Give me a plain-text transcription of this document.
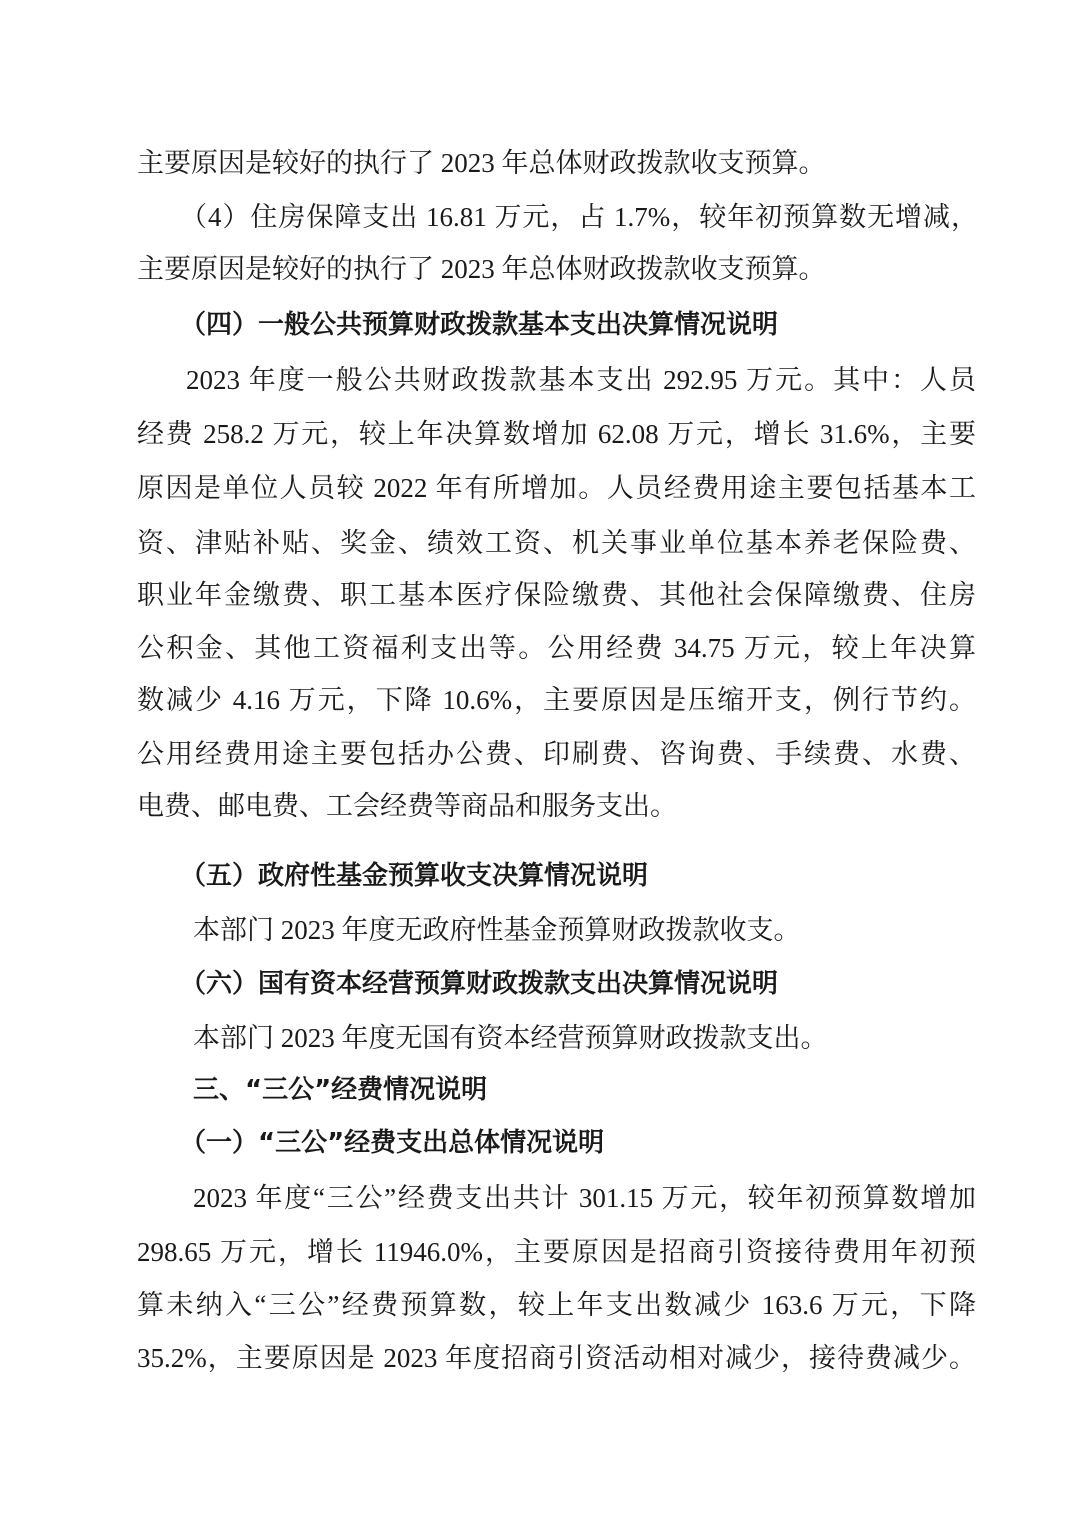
主要原因是较好的执行了 2023 年总体财政拨款收支预算。
（4）住房保障支出 16.81 万元，占 1.7%，较年初预算数无增减，
主要原因是较好的执行了 2023 年总体财政拨款收支预算。
（四）一般公共预算财政拨款基本支出决算情况说明
2023 年度一般公共财政拨款基本支出 292.95 万元。其中：人员
经费 258.2 万元，较上年决算数增加 62.08 万元，增长 31.6%，主要
原因是单位人员较 2022 年有所增加。人员经费用途主要包括基本工
资、津贴补贴、奖金、绩效工资、机关事业单位基本养老保险费、
职业年金缴费、职工基本医疗保险缴费、其他社会保障缴费、住房
公积金、其他工资福利支出等。公用经费 34.75 万元，较上年决算
数减少 4.16 万元，下降 10.6%，主要原因是压缩开支，例行节约。
公用经费用途主要包括办公费、印刷费、咨询费、手续费、水费、
电费、邮电费、工会经费等商品和服务支出。
（五）政府性基金预算收支决算情况说明
本部门 2023 年度无政府性基金预算财政拨款收支。
（六）国有资本经营预算财政拨款支出决算情况说明
本部门 2023 年度无国有资本经营预算财政拨款支出。
三、“三公”经费情况说明
（一）“三公”经费支出总体情况说明
2023 年度“三公”经费支出共计 301.15 万元，较年初预算数增加
298.65 万元，增长 11946.0%，主要原因是招商引资接待费用年初预
算未纳入“三公”经费预算数，较上年支出数减少 163.6 万元，下降
35.2%，主要原因是 2023 年度招商引资活动相对减少，接待费减少。
